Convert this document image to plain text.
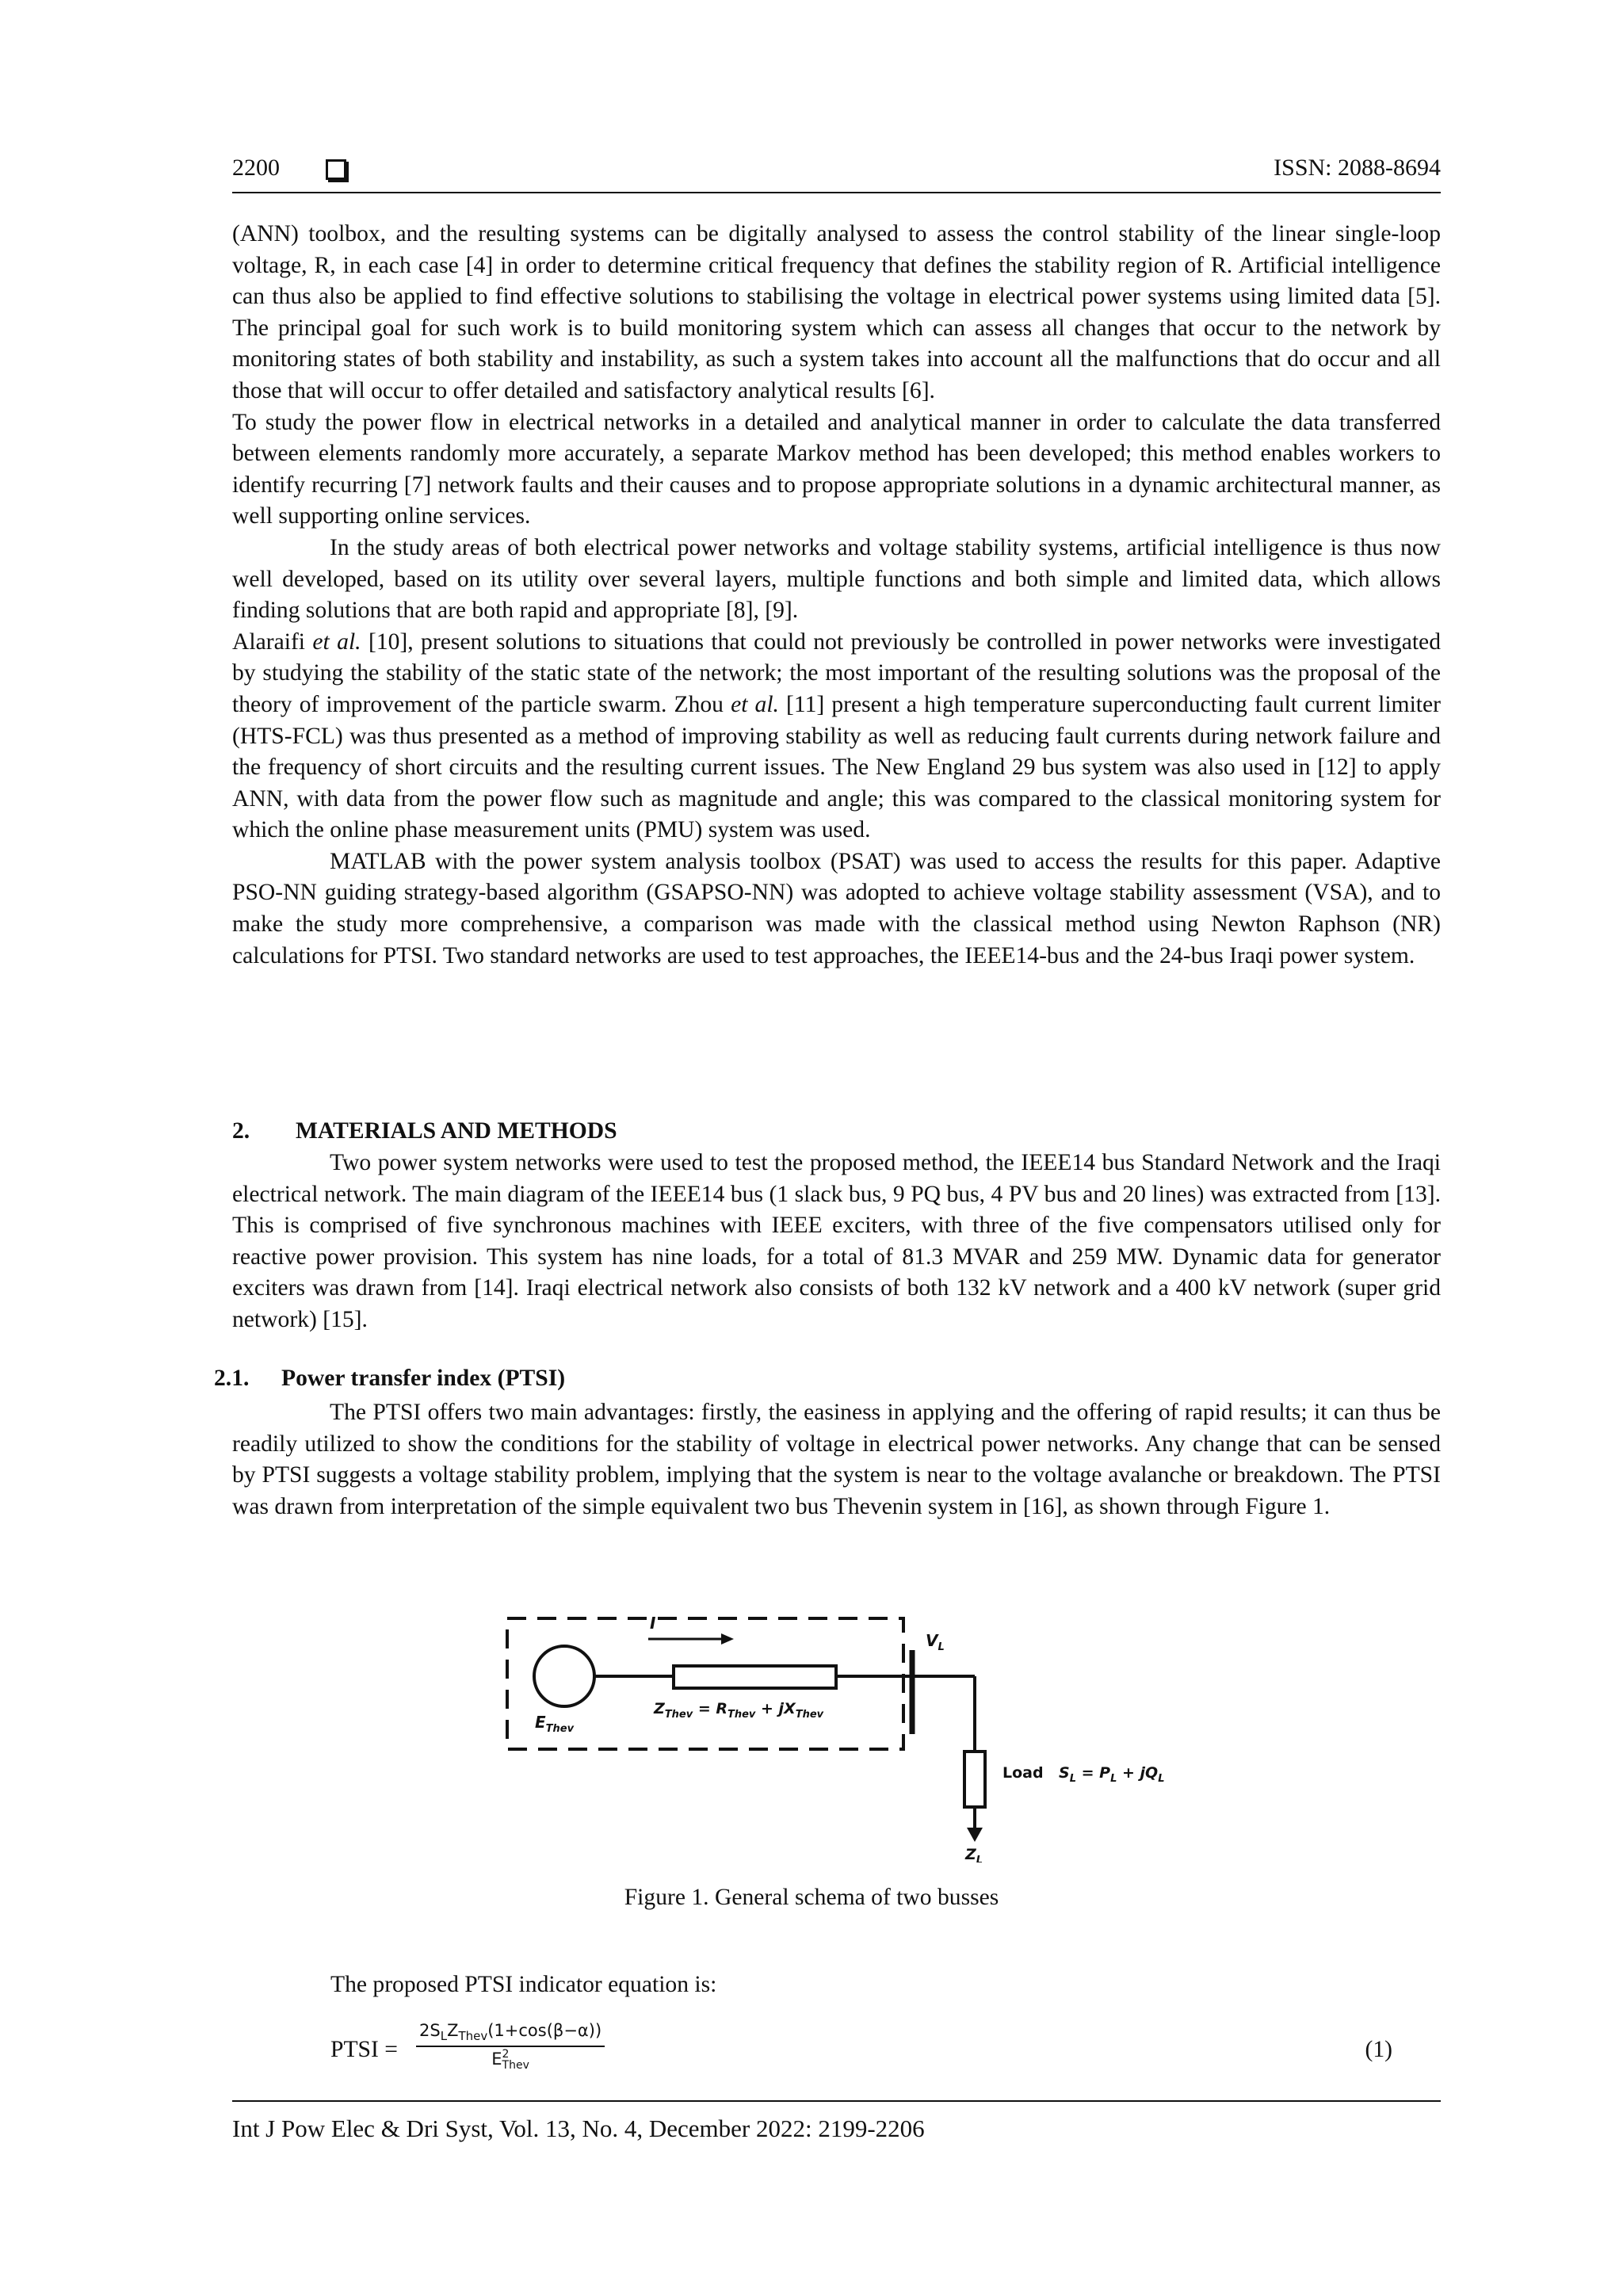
2200	ISSN: 2088-8694

(ANN) toolbox, and the resulting systems can be digitally analysed to assess the control stability of the linear single-loop voltage, R, in each case [4] in order to determine critical frequency that defines the stability region of R. Artificial intelligence can thus also be applied to find effective solutions to stabilising the voltage in electrical power systems using limited data [5]. The principal goal for such work is to build monitoring system which can assess all changes that occur to the network by monitoring states of both stability and instability, as such a system takes into account all the malfunctions that do occur and all those that will occur to offer detailed and satisfactory analytical results [6].

To study the power flow in electrical networks in a detailed and analytical manner in order to calculate the data transferred between elements randomly more accurately, a separate Markov method has been developed; this method enables workers to identify recurring [7] network faults and their causes and to propose appropriate solutions in a dynamic architectural manner, as well supporting online services.

In the study areas of both electrical power networks and voltage stability systems, artificial intelligence is thus now well developed, based on its utility over several layers, multiple functions and both simple and limited data, which allows finding solutions that are both rapid and appropriate [8], [9].

Alaraifi et al. [10], present solutions to situations that could not previously be controlled in power networks were investigated by studying the stability of the static state of the network; the most important of the resulting solutions was the proposal of the theory of improvement of the particle swarm. Zhou et al. [11] present a high temperature superconducting fault current limiter (HTS-FCL) was thus presented as a method of improving stability as well as reducing fault currents during network failure and the frequency of short circuits and the resulting current issues. The New England 29 bus system was also used in [12] to apply ANN, with data from the power flow such as magnitude and angle; this was compared to the classical monitoring system for which the online phase measurement units (PMU) system was used.

MATLAB with the power system analysis toolbox (PSAT) was used to access the results for this paper. Adaptive PSO-NN guiding strategy-based algorithm (GSAPSO-NN) was adopted to achieve voltage stability assessment (VSA), and to make the study more comprehensive, a comparison was made with the classical method using Newton Raphson (NR) calculations for PTSI. Two standard networks are used to test approaches, the IEEE14-bus and the 24-bus Iraqi power system.

2. MATERIALS AND METHODS

Two power system networks were used to test the proposed method, the IEEE14 bus Standard Network and the Iraqi electrical network. The main diagram of the IEEE14 bus (1 slack bus, 9 PQ bus, 4 PV bus and 20 lines) was extracted from [13]. This is comprised of five synchronous machines with IEEE exciters, with three of the five compensators utilised only for reactive power provision. This system has nine loads, for a total of 81.3 MVAR and 259 MW. Dynamic data for generator exciters was drawn from [14]. Iraqi electrical network also consists of both 132 kV network and a 400 kV network (super grid network) [15].

2.1. Power transfer index (PTSI)

The PTSI offers two main advantages: firstly, the easiness in applying and the offering of rapid results; it can thus be readily utilized to show the conditions for the stability of voltage in electrical power networks. Any change that can be sensed by PTSI suggests a voltage stability problem, implying that the system is near to the voltage avalanche or breakdown. The PTSI was drawn from interpretation of the simple equivalent two bus Thevenin system in [16], as shown through Figure 1.

I
$E_{Thev}$
$V_L$
$Z_{Thev} = R_{Thev} + jX_{Thev}$
Load $S_L = P_L + jQ_L$
$Z_L$
Figure 1. General schema of two busses
The proposed PTSI indicator equation is:
PTSI =
$2S_LZ_{Thev}(1+\cos(\beta-\alpha))$
E 2
Thev
(1)
Int J Pow Elec & Dri Syst, Vol. 13, No. 4, December 2022: 2199-2206
